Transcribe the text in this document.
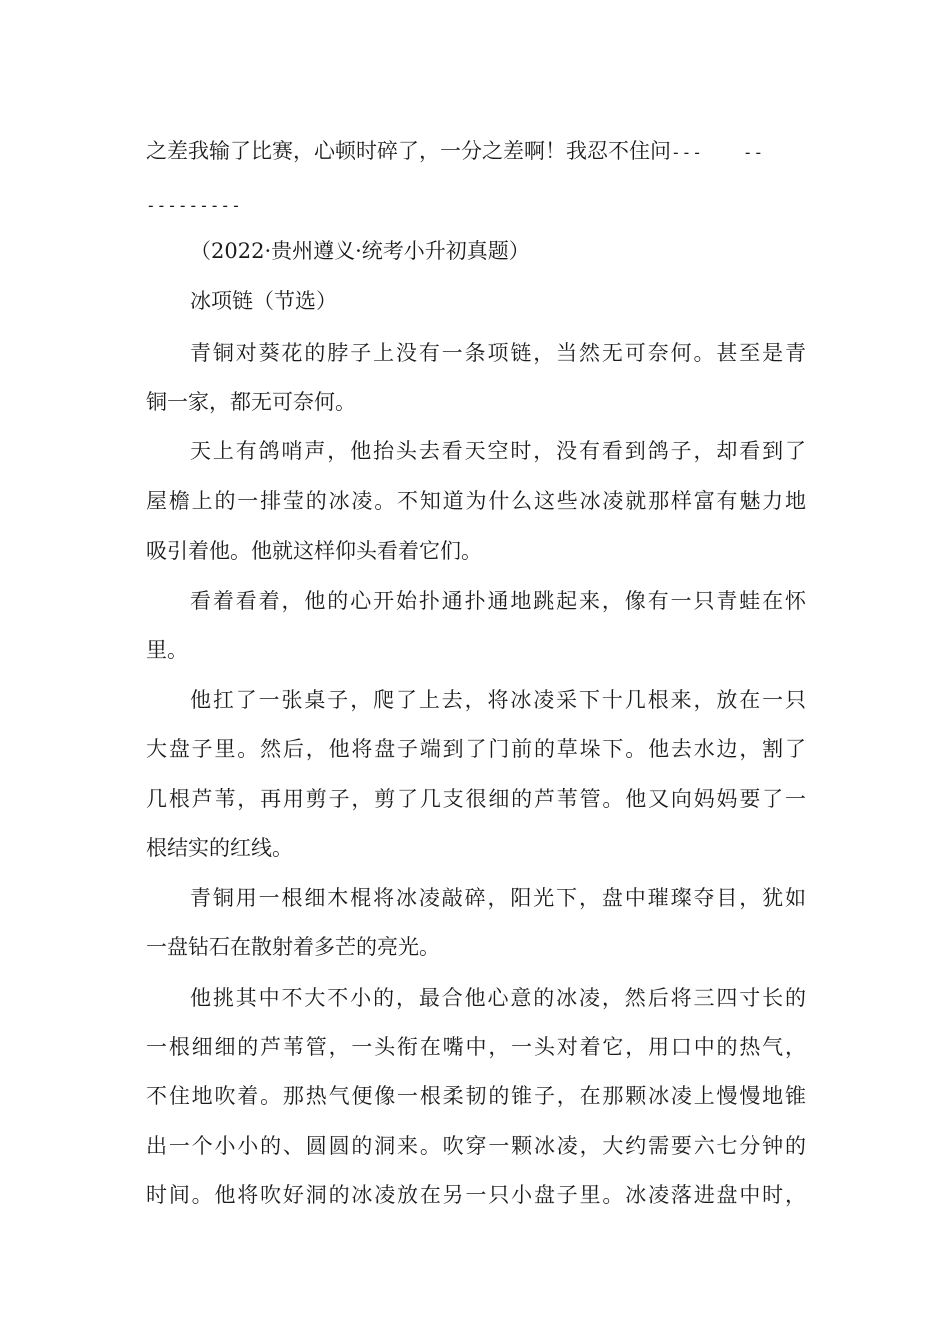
之差我输了比赛，心顿时碎了，一分之差啊！我忍不住问---	--
---------
（2022·贵州遵义·统考小升初真题）
冰项链（节选）
青铜对葵花的脖子上没有一条项链，当然无可奈何。甚至是青
铜一家，都无可奈何。
天上有鸽哨声，他抬头去看天空时，没有看到鸽子，却看到了
屋檐上的一排莹的冰凌。不知道为什么这些冰凌就那样富有魅力地
吸引着他。他就这样仰头看着它们。
看着看着，他的心开始扑通扑通地跳起来，像有一只青蛙在怀
里。
他扛了一张桌子，爬了上去，将冰凌采下十几根来，放在一只
大盘子里。然后，他将盘子端到了门前的草垛下。他去水边，割了
几根芦苇，再用剪子，剪了几支很细的芦苇管。他又向妈妈要了一
根结实的红线。
青铜用一根细木棍将冰凌敲碎，阳光下，盘中璀璨夺目，犹如
一盘钻石在散射着多芒的亮光。
他挑其中不大不小的，最合他心意的冰凌，然后将三四寸长的
一根细细的芦苇管，一头衔在嘴中，一头对着它，用口中的热气，
不住地吹着。那热气便像一根柔韧的锥子，在那颗冰凌上慢慢地锥
出一个小小的、圆圆的洞来。吹穿一颗冰凌，大约需要六七分钟的
时间。他将吹好洞的冰凌放在另一只小盘子里。冰凌落进盘中时，
